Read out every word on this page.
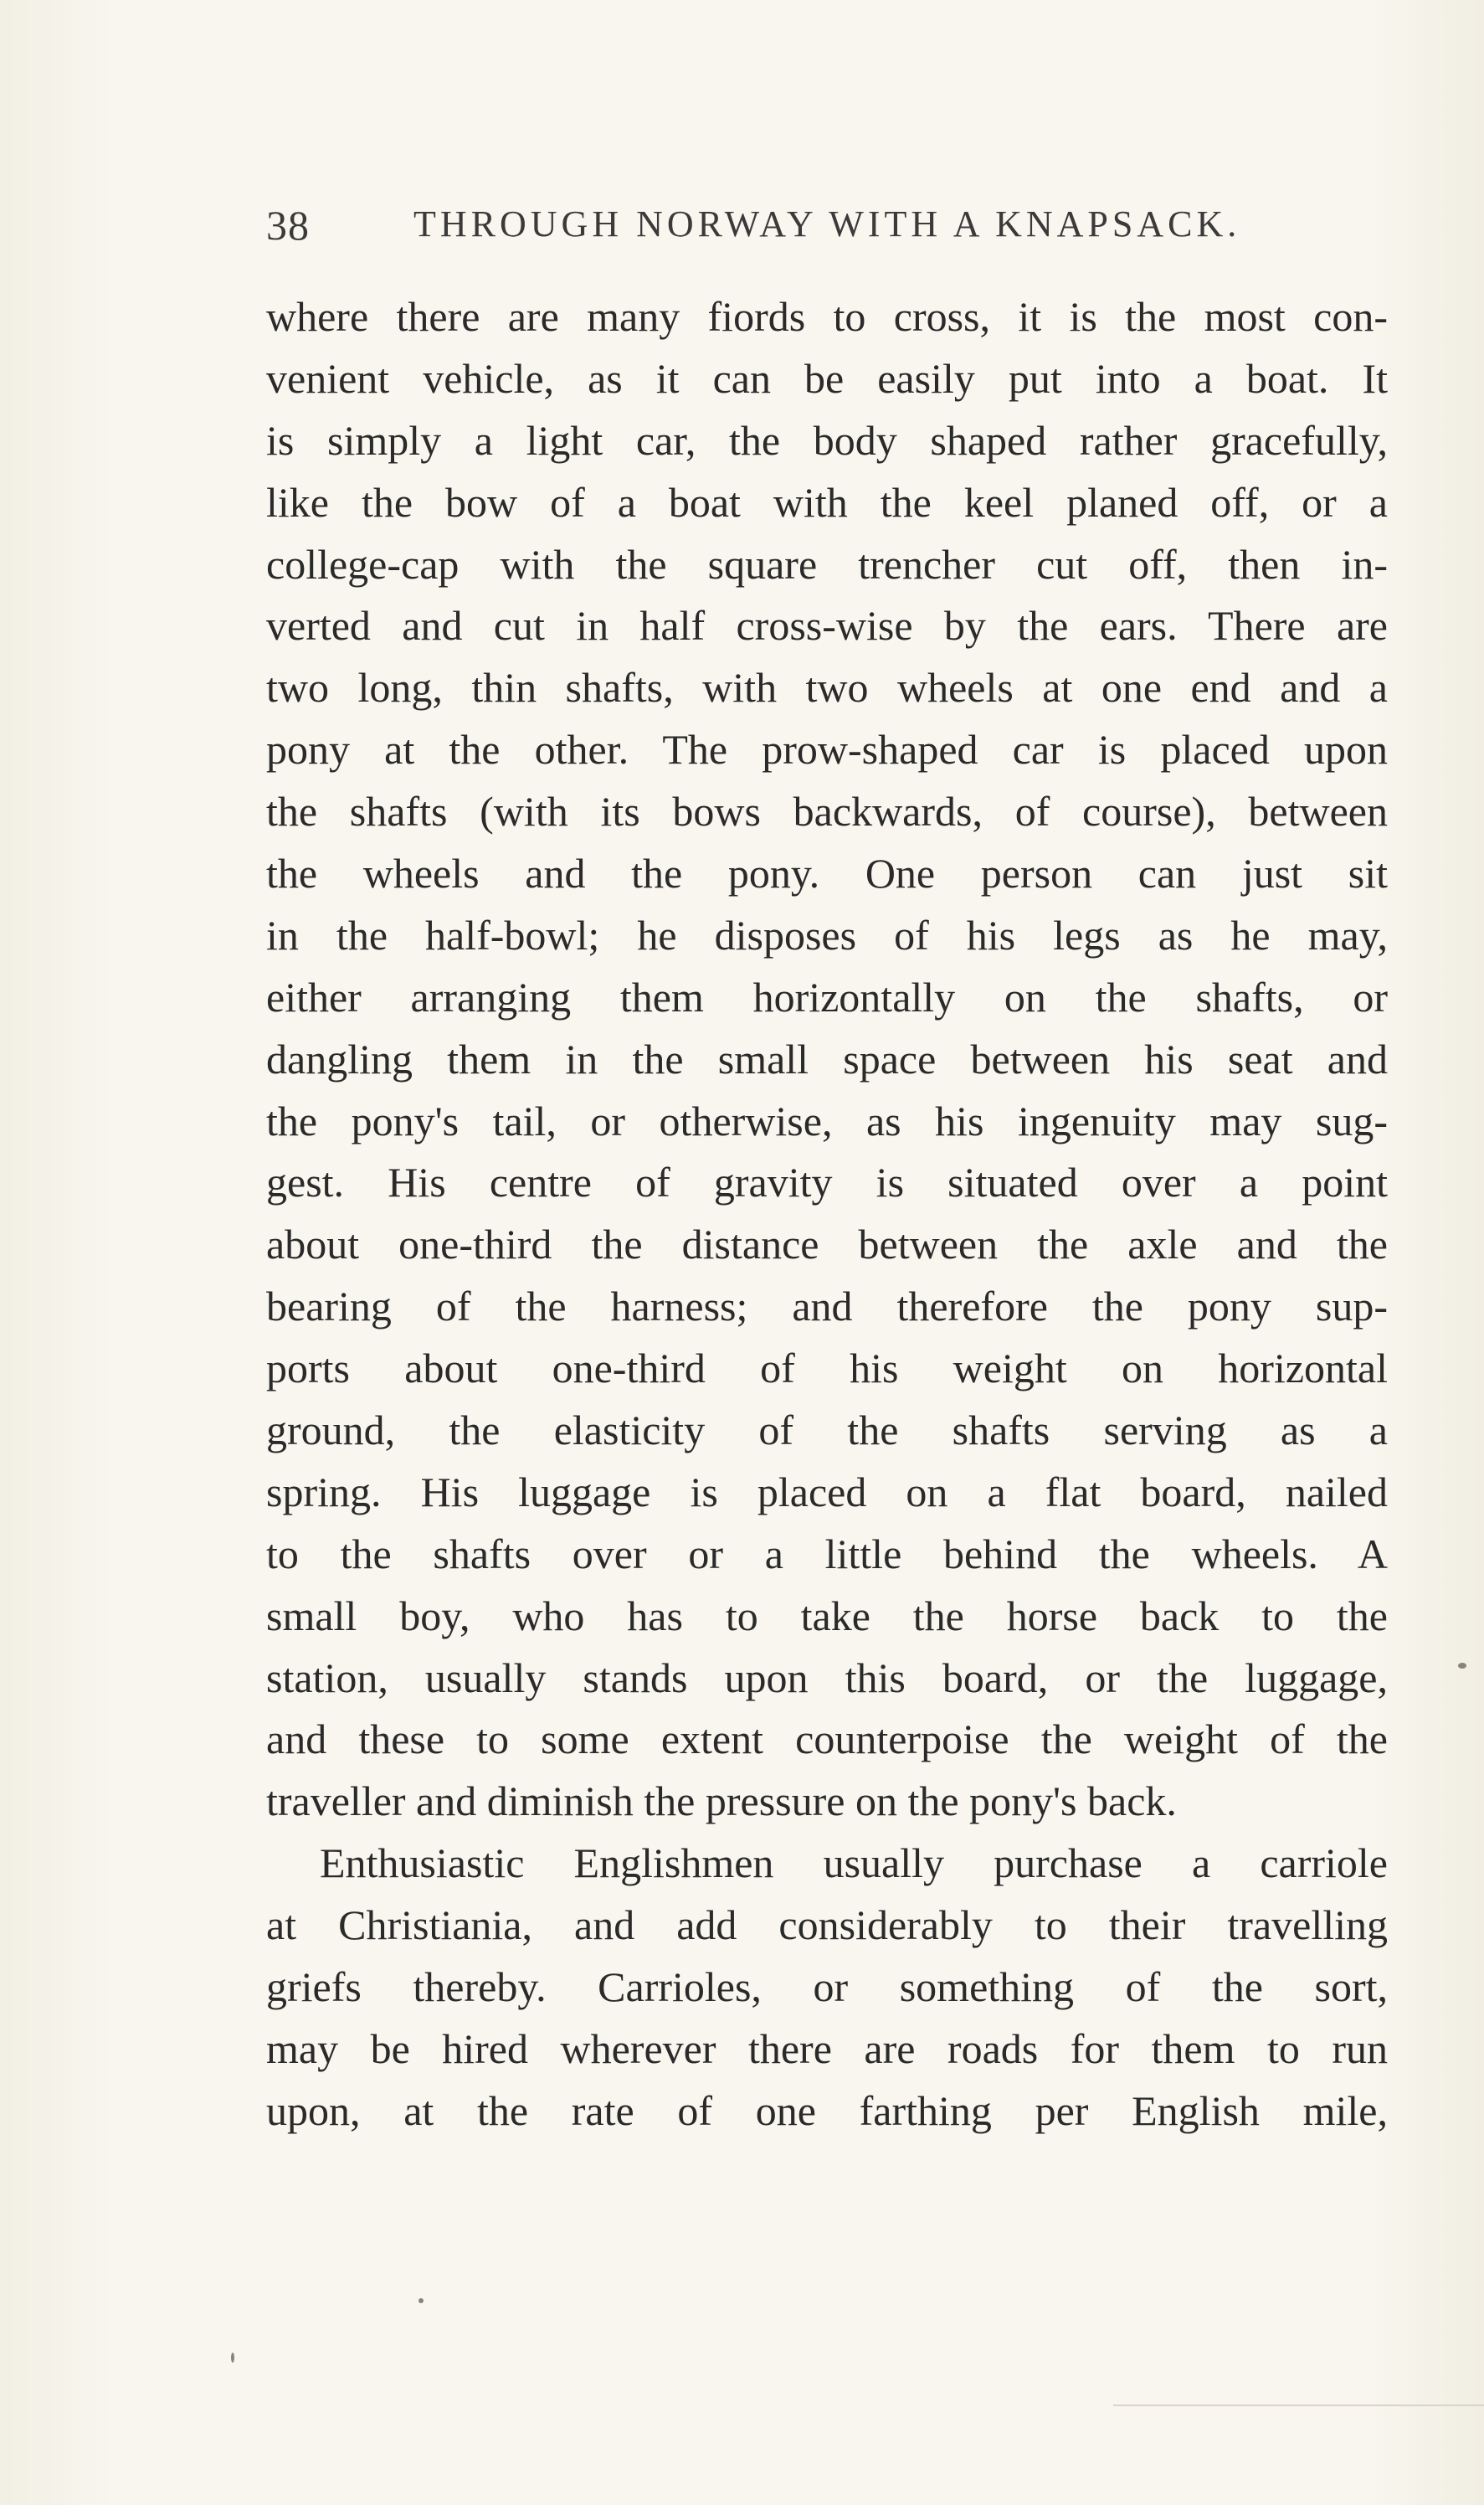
38	THROUGH NORWAY WITH A KNAPSACK.
where there are many fiords to cross, it is the most con-
venient vehicle, as it can be easily put into a boat. It
is simply a light car, the body shaped rather gracefully,
like the bow of a boat with the keel planed off, or a
college-cap with the square trencher cut off, then in-
verted and cut in half cross-wise by the ears. There are
two long, thin shafts, with two wheels at one end and a
pony at the other. The prow-shaped car is placed upon
the shafts (with its bows backwards, of course), between
the wheels and the pony. One person can just sit
in the half-bowl; he disposes of his legs as he may,
either arranging them horizontally on the shafts, or
dangling them in the small space between his seat and
the pony's tail, or otherwise, as his ingenuity may sug-
gest. His centre of gravity is situated over a point
about one-third the distance between the axle and the
bearing of the harness; and therefore the pony sup-
ports about one-third of his weight on horizontal
ground, the elasticity of the shafts serving as a
spring. His luggage is placed on a flat board, nailed
to the shafts over or a little behind the wheels. A
small boy, who has to take the horse back to the
station, usually stands upon this board, or the luggage,
and these to some extent counterpoise the weight of the
traveller and diminish the pressure on the pony's back.
Enthusiastic Englishmen usually purchase a carriole
at Christiania, and add considerably to their travelling
griefs thereby. Carrioles, or something of the sort,
may be hired wherever there are roads for them to run
upon, at the rate of one farthing per English mile,
